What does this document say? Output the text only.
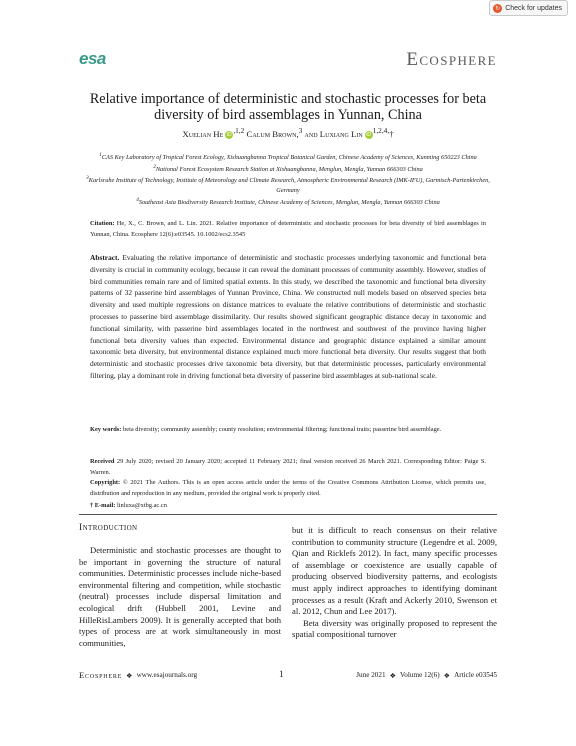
↻ Check for updates
esa	Ecosphere
Relative importance of deterministic and stochastic processes for beta diversity of bird assemblages in Yunnan, China
Xuelian He iD $^{,1,2}$ Calum Brown,$^3$ and Luxiang Lin iD $^{1,2,4,}$†
$^1$CAS Key Laboratory of Tropical Forest Ecology, Xishuangbanna Tropical Botanical Garden, Chinese Academy of Sciences, Kunming 650223 China
$^2$National Forest Ecosystem Research Station at Xishuangbanna, Menglun, Mengla, Yunnan 666303 China
$^3$Karlsruhe Institute of Technology, Institute of Meteorology and Climate Research, Atmospheric Environmental Research (IMK-IFU), Garmisch-Partenkirchen, Germany
$^4$Southeast Asia Biodiversity Research Institute, Chinese Academy of Sciences, Menglun, Mengla, Yunnan 666303 China
Citation: He, X., C. Brown, and L. Lin. 2021. Relative importance of deterministic and stochastic processes for beta diversity of bird assemblages in Yunnan, China. Ecosphere 12(6):e03545. 10.1002/ecs2.3545
Abstract. Evaluating the relative importance of deterministic and stochastic processes underlying taxonomic and functional beta diversity is crucial in community ecology, because it can reveal the dominant processes of community assembly. However, studies of bird communities remain rare and of limited spatial extents. In this study, we described the taxonomic and functional beta diversity patterns of 32 passerine bird assemblages of Yunnan Province, China. We constructed null models based on observed species beta diversity and used multiple regressions on distance matrices to evaluate the relative contributions of deterministic and stochastic processes to passerine bird assemblage dissimilarity. Our results showed significant geographic distance decay in taxonomic and functional similarity, with passerine bird assemblages located in the northwest and southwest of the province having higher functional beta diversity values than expected. Environmental distance and geographic distance explained a similar amount taxonomic beta diversity, but environmental distance explained much more functional beta diversity. Our results suggest that both deterministic and stochastic processes drive taxonomic beta diversity, but that deterministic processes, particularly environmental filtering, play a dominant role in driving functional beta diversity of passerine bird assemblages at sub-national scale.
Key words: beta diversity; community assembly; county resolution; environmental filtering; functional traits; passerine bird assemblage.
Received 29 July 2020; revised 20 January 2020; accepted 11 February 2021; final version received 26 March 2021. Corresponding Editor: Paige S. Warren.
Copyright: © 2021 The Authors. This is an open access article under the terms of the Creative Commons Attribution License, which permits use, distribution and reproduction in any medium, provided the original work is properly cited.
† E-mail: linluxa@xtbg.ac.cn
Introduction
Deterministic and stochastic processes are thought to be important in governing the structure of natural communities. Deterministic processes include niche-based environmental filtering and competition, while stochastic (neutral) processes include dispersal limitation and ecological drift (Hubbell 2001, Levine and HilleRisLambers 2009). It is generally accepted that both types of process are at work simultaneously in most communities,
but it is difficult to reach consensus on their relative contribution to community structure (Legendre et al. 2009, Qian and Ricklefs 2012). In fact, many specific processes of assemblage or coexistence are usually capable of producing observed biodiversity patterns, and ecologists must apply indirect approaches to identifying dominant processes as a result (Kraft and Ackerly 2010, Swenson et al. 2012, Chun and Lee 2017).
Beta diversity was originally proposed to represent the spatial compositional turnover
Ecosphere ❖ www.esajournals.org	1	June 2021 ❖ Volume 12(6) ❖ Article e03545
